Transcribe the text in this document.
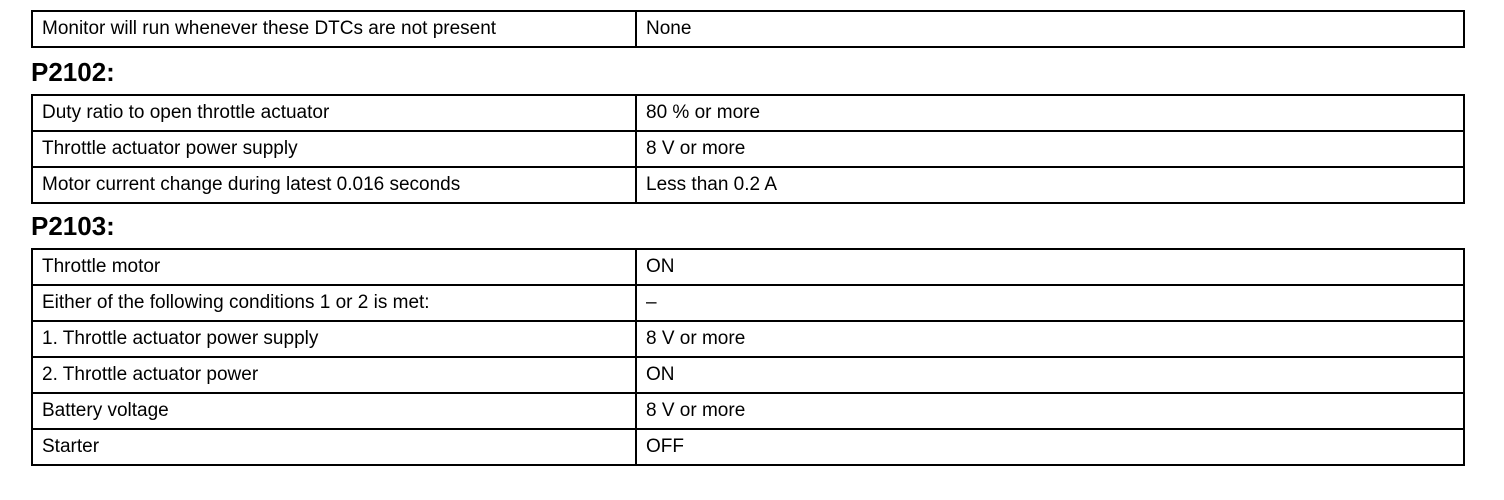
Monitor will run whenever these DTCs are not present	None
P2102:
Duty ratio to open throttle actuator	80 % or more
Throttle actuator power supply	8 V or more
Motor current change during latest 0.016 seconds	Less than 0.2 A
P2103:
Throttle motor	ON
Either of the following conditions 1 or 2 is met:	–
1. Throttle actuator power supply	8 V or more
2. Throttle actuator power	ON
Battery voltage	8 V or more
Starter	OFF
